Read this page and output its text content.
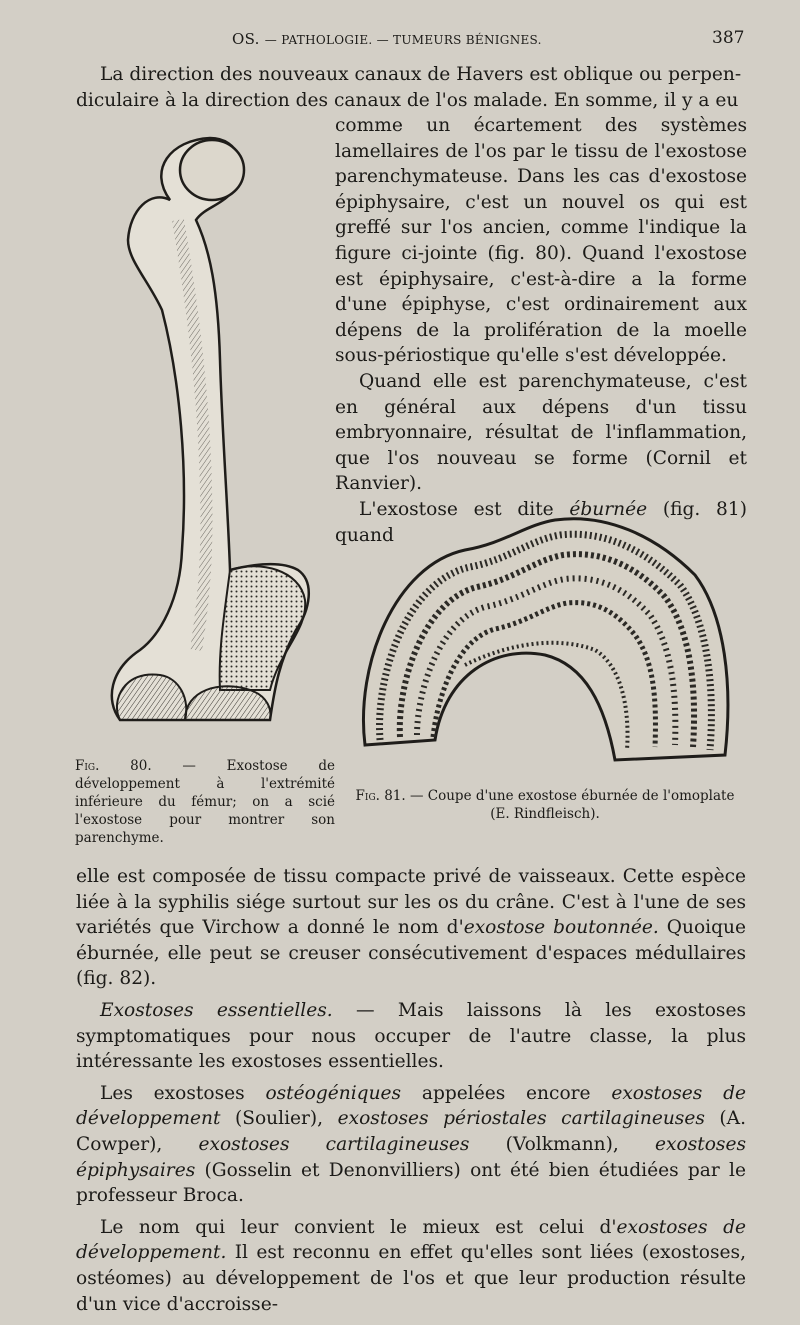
OS. — PATHOLOGIE. — TUMEURS BÉNIGNES.	387

La direction des nouveaux canaux de Havers est oblique ou perpen-

diculaire à la direction des canaux de l'os malade. En somme, il y a eu

comme un écartement des systèmes lamellaires de l'os par le tissu de l'exostose parenchymateuse. Dans les cas d'exostose épiphysaire, c'est un nouvel os qui est greffé sur l'os ancien, comme l'indique la figure ci-jointe (fig. 80). Quand l'exostose est épiphysaire, c'est-à-dire a la forme d'une épiphyse, c'est ordinairement aux dépens de la prolifération de la moelle sous-périostique qu'elle s'est développée.

Quand elle est parenchymateuse, c'est en général aux dépens d'un tissu embryonnaire, résultat de l'inflammation, que l'os nouveau se forme (Cornil et Ranvier).

L'exostose est dite éburnée (fig. 81) quand

Fig. 80. — Exostose de développement à l'extrémité inférieure du fémur; on a scié l'exostose pour montrer son parenchyme.

Fig. 81. — Coupe d'une exostose éburnée de l'omoplate (E. Rindfleisch).

elle est composée de tissu compacte privé de vaisseaux. Cette espèce liée à la syphilis siége surtout sur les os du crâne. C'est à l'une de ses variétés que Virchow a donné le nom d'exostose boutonnée. Quoique éburnée, elle peut se creuser consécutivement d'espaces médullaires (fig. 82).

Exostoses essentielles. — Mais laissons là les exostoses symptomatiques pour nous occuper de l'autre classe, la plus intéressante les exostoses essentielles.

Les exostoses ostéogéniques appelées encore exostoses de développement (Soulier), exostoses périostales cartilagineuses (A. Cowper), exostoses cartilagineuses (Volkmann), exostoses épiphysaires (Gosselin et Denonvilliers) ont été bien étudiées par le professeur Broca.

Le nom qui leur convient le mieux est celui d'exostoses de développement. Il est reconnu en effet qu'elles sont liées (exostoses, ostéomes) au développement de l'os et que leur production résulte d'un vice d'accroisse-
